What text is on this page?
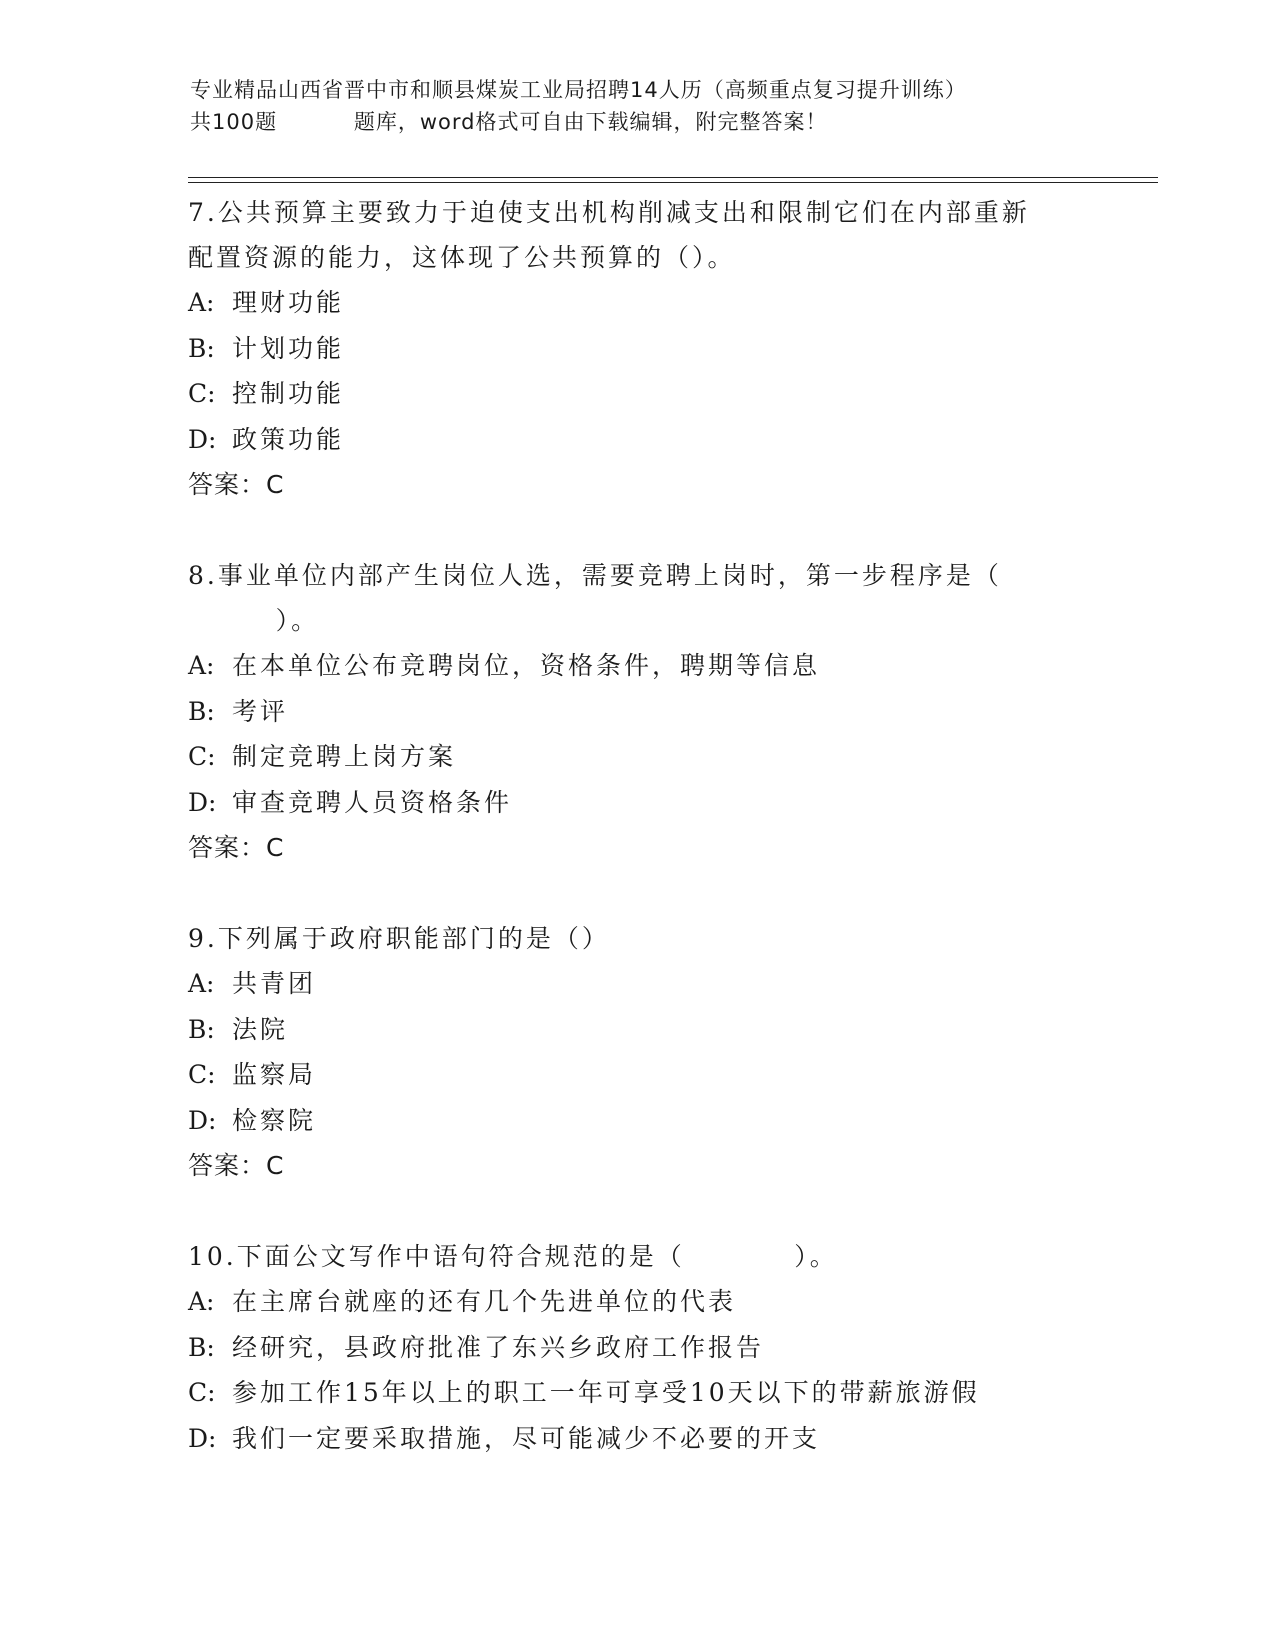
专业精品山西省晋中市和顺县煤炭工业局招聘14人历（高频重点复习提升训练）
共100题          题库，word格式可自由下载编辑，附完整答案！
7.公共预算主要致力于迫使支出机构削减支出和限制它们在内部重新
配置资源的能力，这体现了公共预算的（）。
A: 理财功能
B: 计划功能
C: 控制功能
D: 政策功能
答案：C
8.事业单位内部产生岗位人选，需要竞聘上岗时，第一步程序是（
）。
A: 在本单位公布竞聘岗位，资格条件，聘期等信息
B: 考评
C: 制定竞聘上岗方案
D: 审查竞聘人员资格条件
答案：C
9.下列属于政府职能部门的是（）
A: 共青团
B: 法院
C: 监察局
D: 检察院
答案：C
10.下面公文写作中语句符合规范的是（          ）。
A: 在主席台就座的还有几个先进单位的代表
B: 经研究，县政府批准了东兴乡政府工作报告
C: 参加工作15年以上的职工一年可享受10天以下的带薪旅游假
D: 我们一定要采取措施，尽可能减少不必要的开支
